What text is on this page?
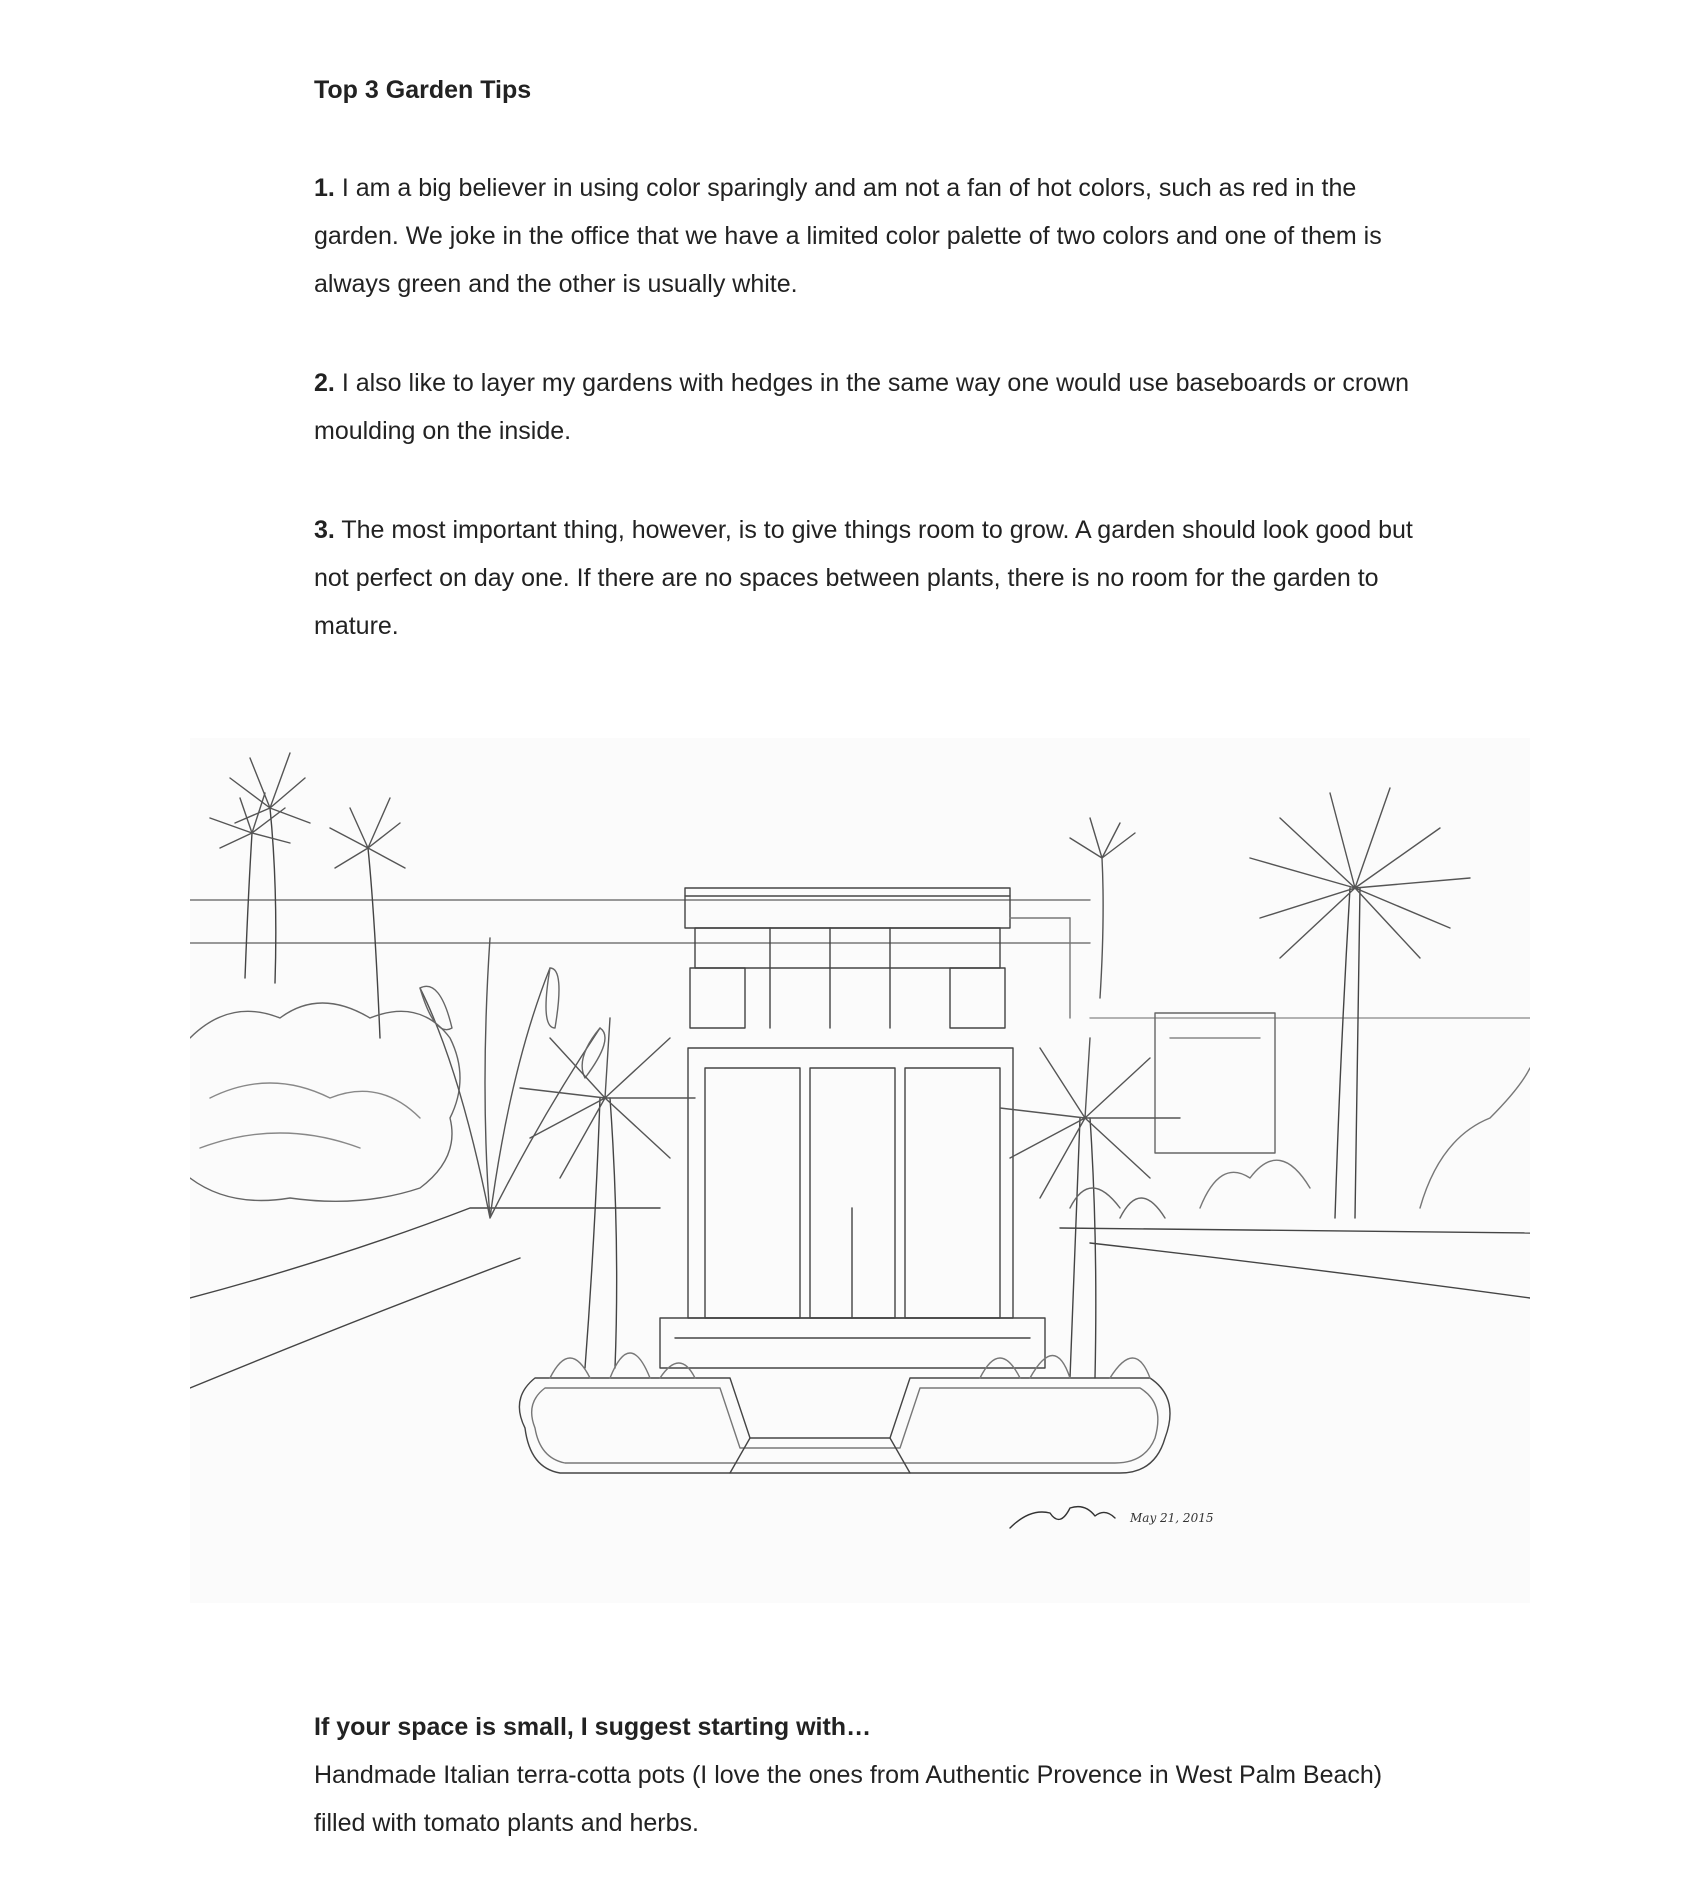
Top 3 Garden Tips

1. I am a big believer in using color sparingly and am not a fan of hot colors, such as red in the garden. We joke in the office that we have a limited color palette of two colors and one of them is always green and the other is usually white.

2. I also like to layer my gardens with hedges in the same way one would use baseboards or crown moulding on the inside.

3. The most important thing, however, is to give things room to grow. A garden should look good but not perfect on day one. If there are no spaces between plants, there is no room for the garden to mature.

May 21, 2015
If your space is small, I suggest starting with…

Handmade Italian terra-cotta pots (I love the ones from Authentic Provence in West Palm Beach) filled with tomato plants and herbs.
